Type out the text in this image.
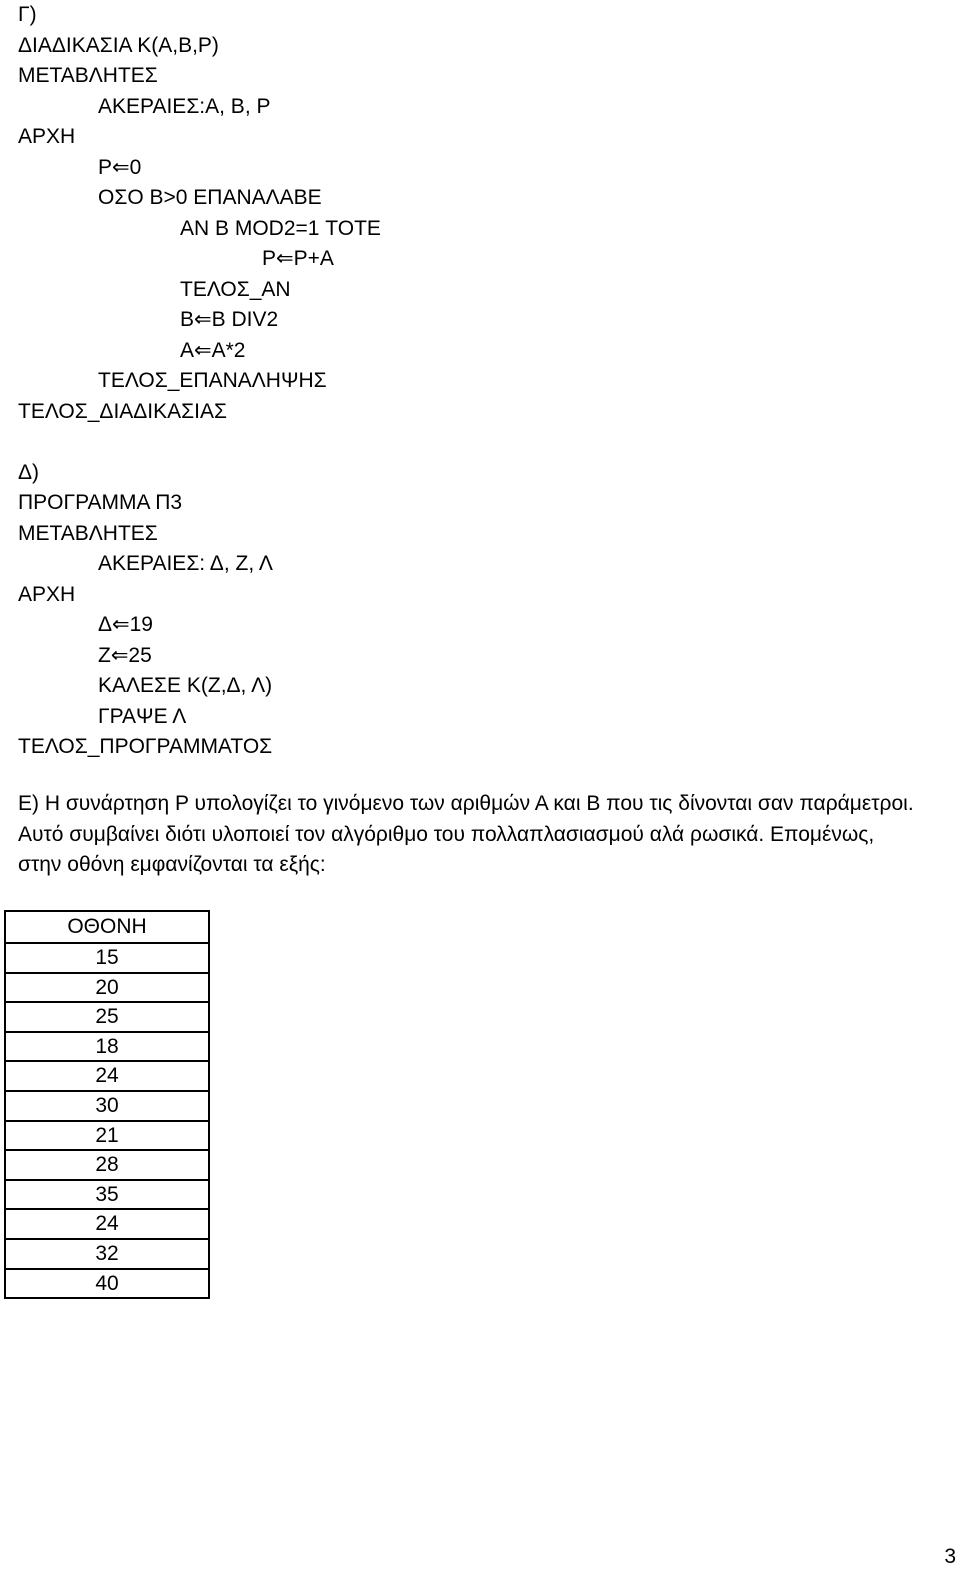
Γ)
ΔΙΑΔΙΚΑΣΙΑ Κ(Α,Β,Ρ)
ΜΕΤΑΒΛΗΤΕΣ
ΑΚΕΡΑΙΕΣ:Α, Β, Ρ
ΑΡΧΗ
Ρ⇐0
ΟΣΟ Β>0 ΕΠΑΝΑΛΑΒΕ
ΑΝ Β MOD2=1 ΤΟΤΕ
Ρ⇐Ρ+Α
ΤΕΛΟΣ_ΑΝ
Β⇐Β DIV2
Α⇐Α*2
ΤΕΛΟΣ_ΕΠΑΝΑΛΗΨΗΣ
ΤΕΛΟΣ_ΔΙΑΔΙΚΑΣΙΑΣ
Δ)
ΠΡΟΓΡΑΜΜΑ Π3
ΜΕΤΑΒΛΗΤΕΣ
ΑΚΕΡΑΙΕΣ: Δ, Ζ, Λ
ΑΡΧΗ
Δ⇐19
Ζ⇐25
ΚΑΛΕΣΕ Κ(Ζ,Δ, Λ)
ΓΡΑΨΕ Λ
ΤΕΛΟΣ_ΠΡΟΓΡΑΜΜΑΤΟΣ
Ε) Η συνάρτηση Ρ υπολογίζει το γινόμενο των αριθμών Α και Β που τις δίνονται σαν παράμετροι. Αυτό συμβαίνει διότι υλοποιεί τον αλγόριθμο του πολλαπλασιασμού αλά ρωσικά. Επομένως, στην οθόνη εμφανίζονται τα εξής:
ΟΘΟΝΗ
15
20
25
18
24
30
21
28
35
24
32
40
3
